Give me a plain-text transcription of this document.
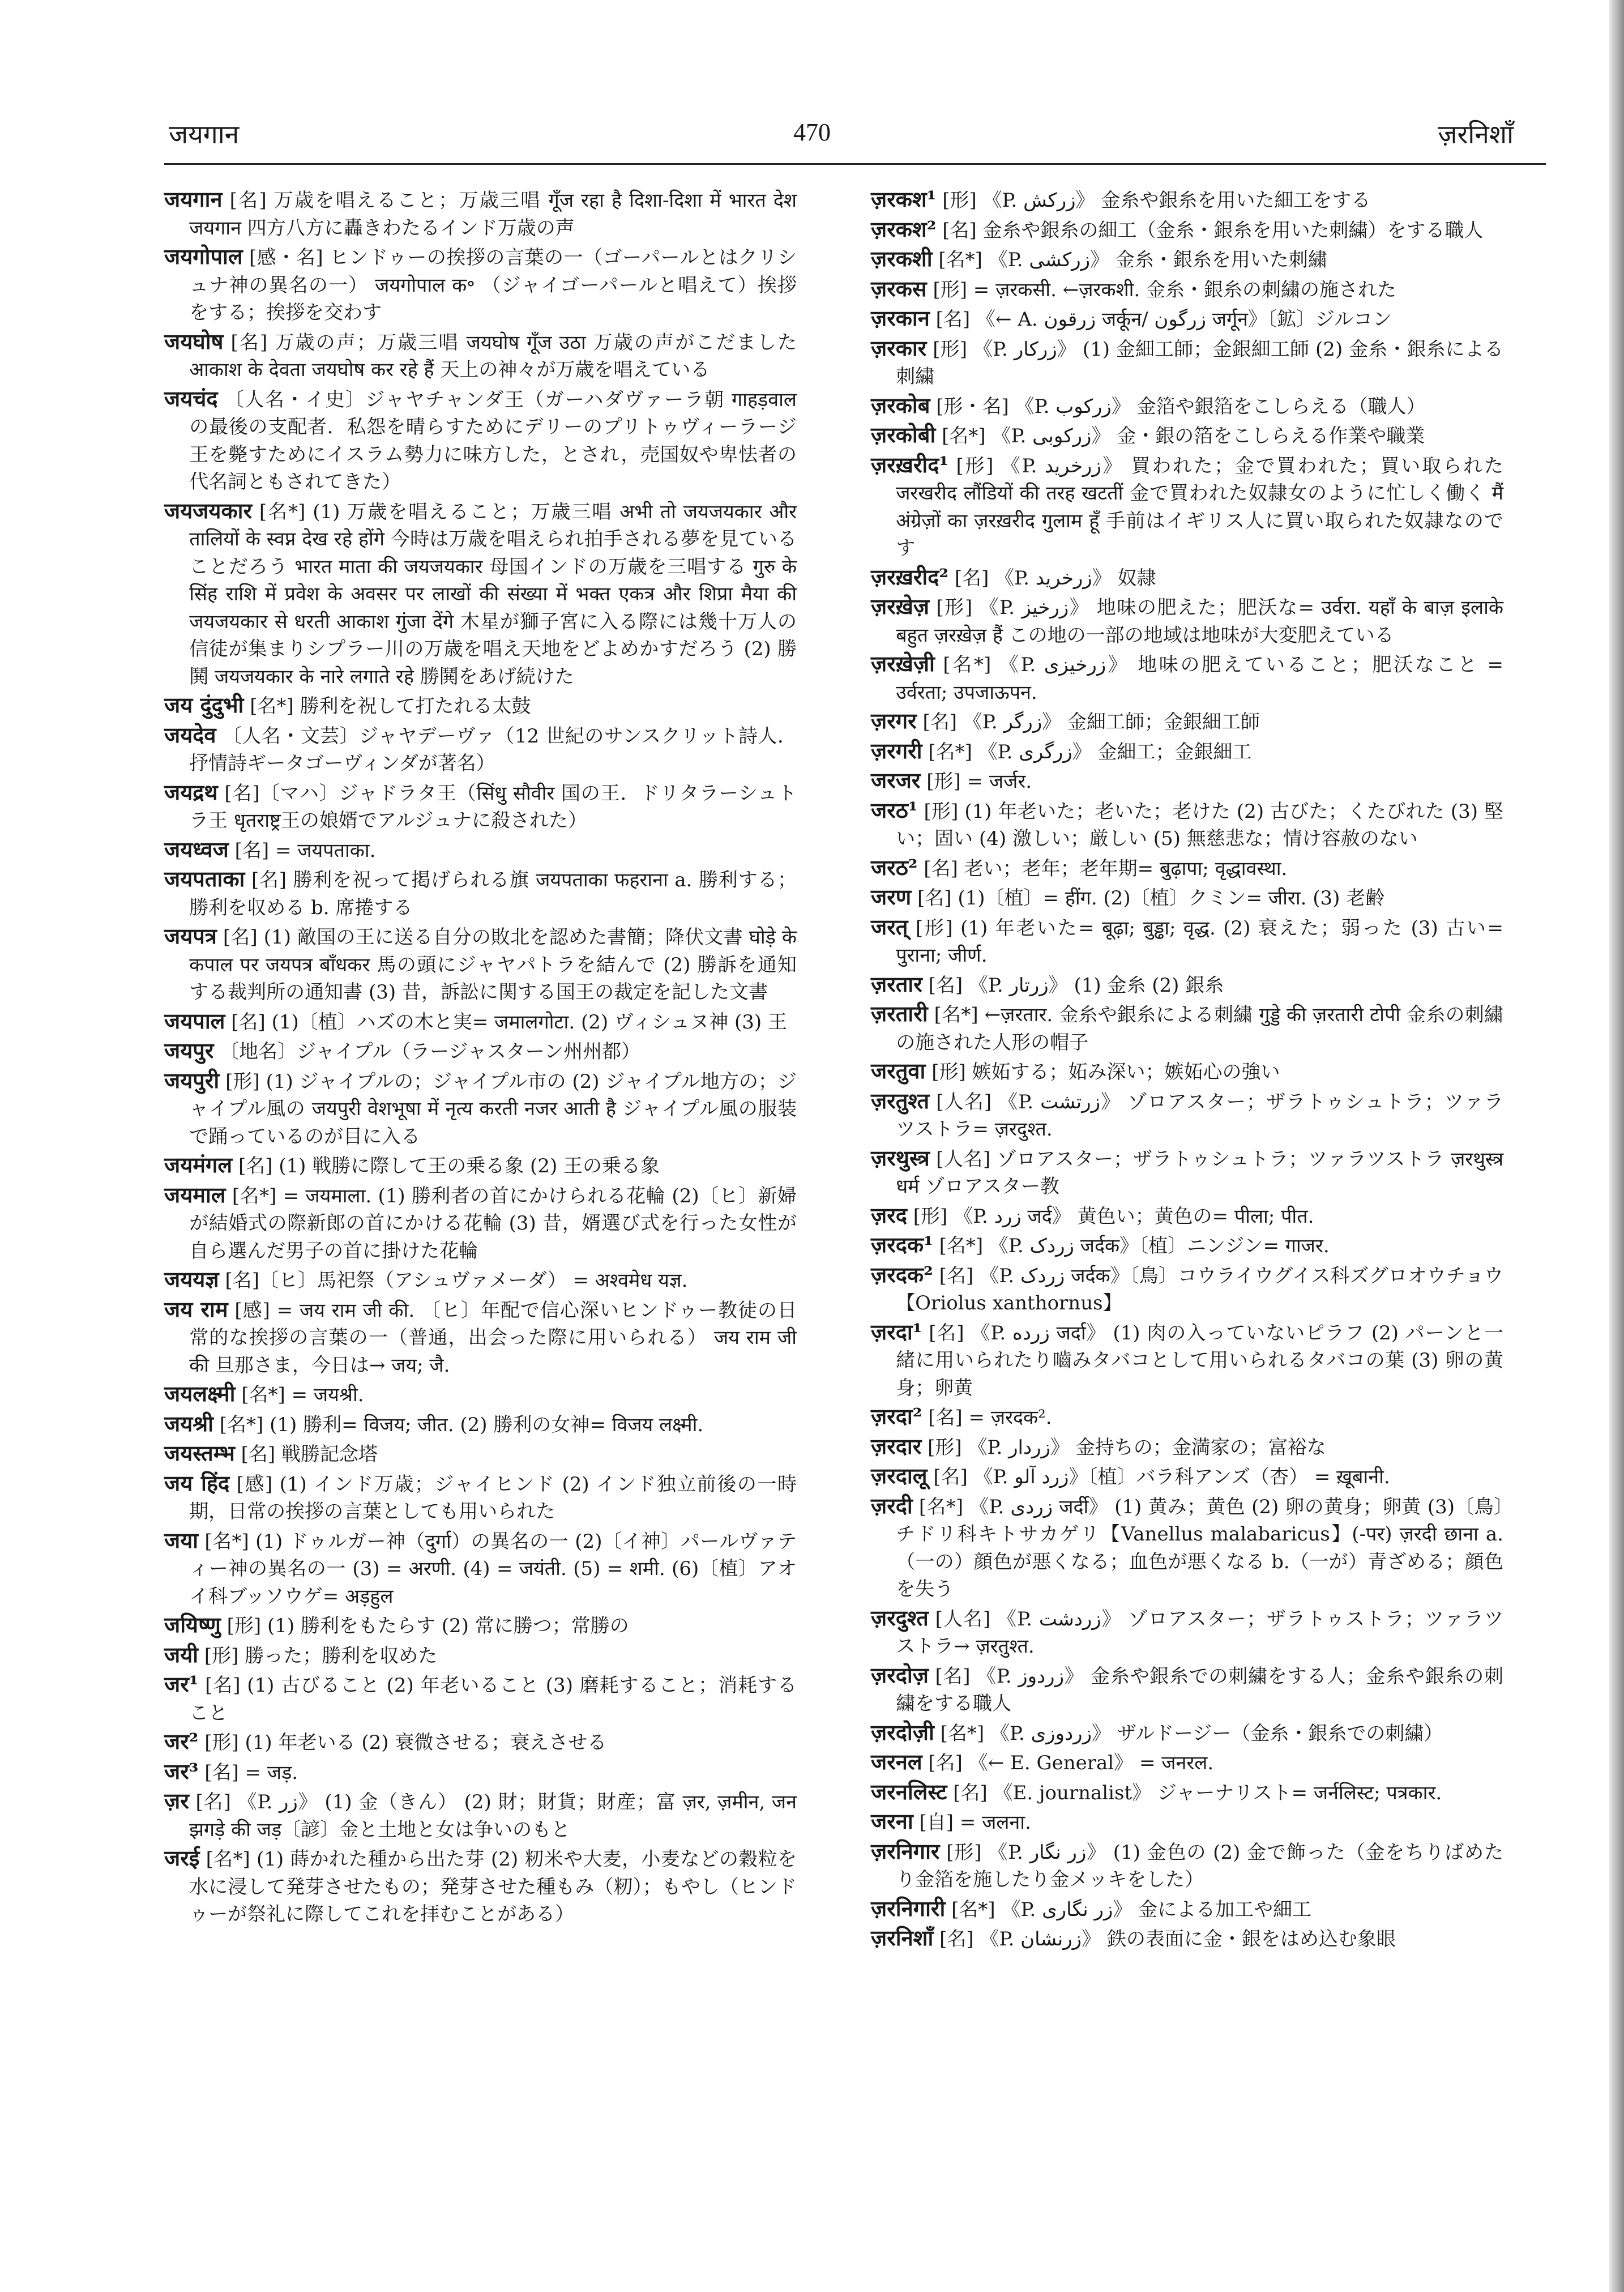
जयगान	470	ज़रनिशाँ

जयगान [名] 万歳を唱えること；万歳三唱 गूँज रहा है दिशा-दिशा में भारत देश जयगान 四方八方に轟きわたるインド万歳の声

जयगोपाल [感・名] ヒンドゥーの挨拶の言葉の一（ゴーパールとはクリシュナ神の異名の一） जयगोपाल क॰ （ジャイゴーパールと唱えて）挨拶をする；挨拶を交わす

जयघोष [名] 万歳の声；万歳三唱 जयघोष गूँज उठा 万歳の声がこだました आकाश के देवता जयघोष कर रहे हैं 天上の神々が万歳を唱えている

जयचंद 〔人名・イ史〕ジャヤチャンダ王（ガーハダヴァーラ朝 गाहड़वाल の最後の支配者．私怨を晴らすためにデリーのプリトゥヴィーラージ王を斃すためにイスラム勢力に味方した，とされ，売国奴や卑怯者の代名詞ともされてきた）

जयजयकार [名*] (1) 万歳を唱えること；万歳三唱 अभी तो जयजयकार और तालियों के स्वप्न देख रहे होंगे 今時は万歳を唱えられ拍手される夢を見ていることだろう भारत माता की जयजयकार 母国インドの万歳を三唱する गुरु के सिंह राशि में प्रवेश के अवसर पर लाखों की संख्या में भक्त एकत्र और शिप्रा मैया की जयजयकार से धरती आकाश गुंजा देंगे 木星が獅子宮に入る際には幾十万人の信徒が集まりシプラー川の万歳を唱え天地をどよめかすだろう (2) 勝鬨 जयजयकार के नारे लगाते रहे 勝鬨をあげ続けた

जय दुंदुभी [名*] 勝利を祝して打たれる太鼓

जयदेव 〔人名・文芸〕ジャヤデーヴァ（12 世紀のサンスクリット詩人．抒情詩ギータゴーヴィンダが著名）

जयद्रथ [名]〔マハ〕ジャドラタ王（सिंधु सौवीर 国の王．ドリタラーシュトラ王 धृतराष्ट्र王の娘婿でアルジュナに殺された）

जयध्वज [名] = जयपताका.

जयपताका [名] 勝利を祝って掲げられる旗 जयपताका फहराना a. 勝利する；勝利を収める b. 席捲する

जयपत्र [名] (1) 敵国の王に送る自分の敗北を認めた書簡；降伏文書 घोड़े के कपाल पर जयपत्र बाँधकर 馬の頭にジャヤパトラを結んで (2) 勝訴を通知する裁判所の通知書 (3) 昔，訴訟に関する国王の裁定を記した文書

जयपाल [名] (1)〔植〕ハズの木と実= जमालगोटा. (2) ヴィシュヌ神 (3) 王

जयपुर 〔地名〕ジャイプル（ラージャスターン州州都）

जयपुरी [形] (1) ジャイプルの；ジャイプル市の (2) ジャイプル地方の；ジャイプル風の जयपुरी वेशभूषा में नृत्य करती नजर आती है ジャイプル風の服装で踊っているのが目に入る

जयमंगल [名] (1) 戦勝に際して王の乗る象 (2) 王の乗る象

जयमाल [名*] = जयमाला. (1) 勝利者の首にかけられる花輪 (2)〔ヒ〕新婦が結婚式の際新郎の首にかける花輪 (3) 昔，婿選び式を行った女性が自ら選んだ男子の首に掛けた花輪

जययज्ञ [名]〔ヒ〕馬祀祭（アシュヴァメーダ） = अश्वमेध यज्ञ.

जय राम [感] = जय राम जी की. 〔ヒ〕年配で信心深いヒンドゥー教徒の日常的な挨拶の言葉の一（普通，出会った際に用いられる） जय राम जी की 旦那さま，今日は→ जय; जै.

जयलक्ष्मी [名*] = जयश्री.

जयश्री [名*] (1) 勝利= विजय; जीत. (2) 勝利の女神= विजय लक्ष्मी.

जयस्तम्भ [名] 戦勝記念塔

जय हिंद [感] (1) インド万歳；ジャイヒンド (2) インド独立前後の一時期，日常の挨拶の言葉としても用いられた

जया [名*] (1) ドゥルガー神（दुर्गा）の異名の一 (2)〔イ神〕パールヴァティー神の異名の一 (3) = अरणी. (4) = जयंती. (5) = शमी. (6)〔植〕アオイ科ブッソウゲ= अड़हुल

जयिष्णु [形] (1) 勝利をもたらす (2) 常に勝つ；常勝の

जयी [形] 勝った；勝利を収めた

जर¹ [名] (1) 古びること (2) 年老いること (3) 磨耗すること；消耗すること

जर² [形] (1) 年老いる (2) 衰微させる；衰えさせる

जर³ [名] = जड़.

ज़र [名] 《P. زر》 (1) 金（きん） (2) 財；財貨；財産；富 ज़र, ज़मीन, जन झगड़े की जड़〔諺〕金と土地と女は争いのもと

जरई [名*] (1) 蒔かれた種から出た芽 (2) 籾米や大麦，小麦などの穀粒を水に浸して発芽させたもの；発芽させた種もみ（籾）；もやし（ヒンドゥーが祭礼に際してこれを拝むことがある）

ज़रकश¹ [形] 《P. زرکش》 金糸や銀糸を用いた細工をする

ज़रकश² [名] 金糸や銀糸の細工（金糸・銀糸を用いた刺繍）をする職人

ज़रकशी [名*] 《P. زرکشی》 金糸・銀糸を用いた刺繍

ज़रकस [形] = ज़रकसी. ←ज़रकशी. 金糸・銀糸の刺繍の施された

ज़रकान [名] 《← A. زرقون जर्कून/ زرگون जर्गून》〔鉱〕ジルコン

ज़रकार [形] 《P. زرکار》 (1) 金細工師；金銀細工師 (2) 金糸・銀糸による刺繍

ज़रकोब [形・名] 《P. زرکوب》 金箔や銀箔をこしらえる（職人）

ज़रकोबी [名*] 《P. زرکوبی》 金・銀の箔をこしらえる作業や職業

ज़रख़रीद¹ [形] 《P. زرخرید》 買われた；金で買われた；買い取られた जरखरीद लौंडियों की तरह खटतीं 金で買われた奴隷女のように忙しく働く मैं अंग्रेज़ों का ज़रख़रीद गुलाम हूँ 手前はイギリス人に買い取られた奴隷なのです

ज़रख़रीद² [名] 《P. زرخرید》 奴隷

ज़रख़ेज़ [形] 《P. زرخیز》 地味の肥えた；肥沃な= उर्वरा. यहाँ के बाज़ इलाके बहुत ज़रख़ेज़ हैं この地の一部の地域は地味が大変肥えている

ज़रख़ेज़ी [名*] 《P. زرخیزی》 地味の肥えていること；肥沃なこと = उर्वरता; उपजाऊपन.

ज़रगर [名] 《P. زرگر》 金細工師；金銀細工師

ज़रगरी [名*] 《P. زرگری》 金細工；金銀細工

जरजर [形] = जर्जर.

जरठ¹ [形] (1) 年老いた；老いた；老けた (2) 古びた；くたびれた (3) 堅い；固い (4) 激しい；厳しい (5) 無慈悲な；情け容赦のない

जरठ² [名] 老い；老年；老年期= बुढ़ापा; वृद्धावस्था.

जरण [名] (1)〔植〕= हींग. (2)〔植〕クミン= जीरा. (3) 老齢

जरत् [形] (1) 年老いた= बूढ़ा; बुड्ढा; वृद्ध. (2) 衰えた；弱った (3) 古い= पुराना; जीर्ण.

ज़रतार [名] 《P. زرتار》 (1) 金糸 (2) 銀糸

ज़रतारी [名*] ←ज़रतार. 金糸や銀糸による刺繍 गुड्डे की ज़रतारी टोपी 金糸の刺繍の施された人形の帽子

जरतुवा [形] 嫉妬する；妬み深い；嫉妬心の強い

ज़रतुश्त [人名] 《P. زرتشت》 ゾロアスター；ザラトゥシュトラ；ツァラツストラ= ज़रदुश्त.

ज़रथुस्त्र [人名] ゾロアスター；ザラトゥシュトラ；ツァラツストラ ज़रथुस्त्र धर्म ゾロアスター教

ज़रद [形] 《P. زرد जर्द》 黄色い；黄色の= पीला; पीत.

ज़रदक¹ [名*] 《P. زردک जर्दक》〔植〕ニンジン= गाजर.

ज़रदक² [名] 《P. زردک जर्दक》〔鳥〕コウライウグイス科ズグロオウチョウ【Oriolus xanthornus】

ज़रदा¹ [名] 《P. زرده जर्दा》 (1) 肉の入っていないピラフ (2) パーンと一緒に用いられたり嚙みタバコとして用いられるタバコの葉 (3) 卵の黄身；卵黄

ज़रदा² [名] = ज़रदक².

ज़रदार [形] 《P. زردار》 金持ちの；金満家の；富裕な

ज़रदालू [名] 《P. زرد آلو》〔植〕バラ科アンズ（杏） = ख़ूबानी.

ज़रदी [名*] 《P. زردی जर्दी》 (1) 黄み；黄色 (2) 卵の黄身；卵黄 (3)〔鳥〕チドリ科キトサカゲリ【Vanellus malabaricus】(-पर) ज़रदी छाना a.（一の）顔色が悪くなる；血色が悪くなる b.（一が）青ざめる；顔色を失う

ज़रदुश्त [人名] 《P. زردشت》 ゾロアスター；ザラトゥストラ；ツァラツストラ→ ज़रतुश्त.

ज़रदोज़ [名] 《P. زردوز》 金糸や銀糸での刺繍をする人；金糸や銀糸の刺繍をする職人

ज़रदोज़ी [名*] 《P. زردوزی》 ザルドージー（金糸・銀糸での刺繍）

जरनल [名] 《← E. General》 = जनरल.

जरनलिस्ट [名] 《E. journalist》 ジャーナリスト= जर्नलिस्ट; पत्रकार.

जरना [自] = जलना.

ज़रनिगार [形] 《P. زر نگار》 (1) 金色の (2) 金で飾った（金をちりばめたり金箔を施したり金メッキをした）

ज़रनिगारी [名*] 《P. زر نگاری》 金による加工や細工

ज़रनिशाँ [名] 《P. زرنشان》 鉄の表面に金・銀をはめ込む象眼
